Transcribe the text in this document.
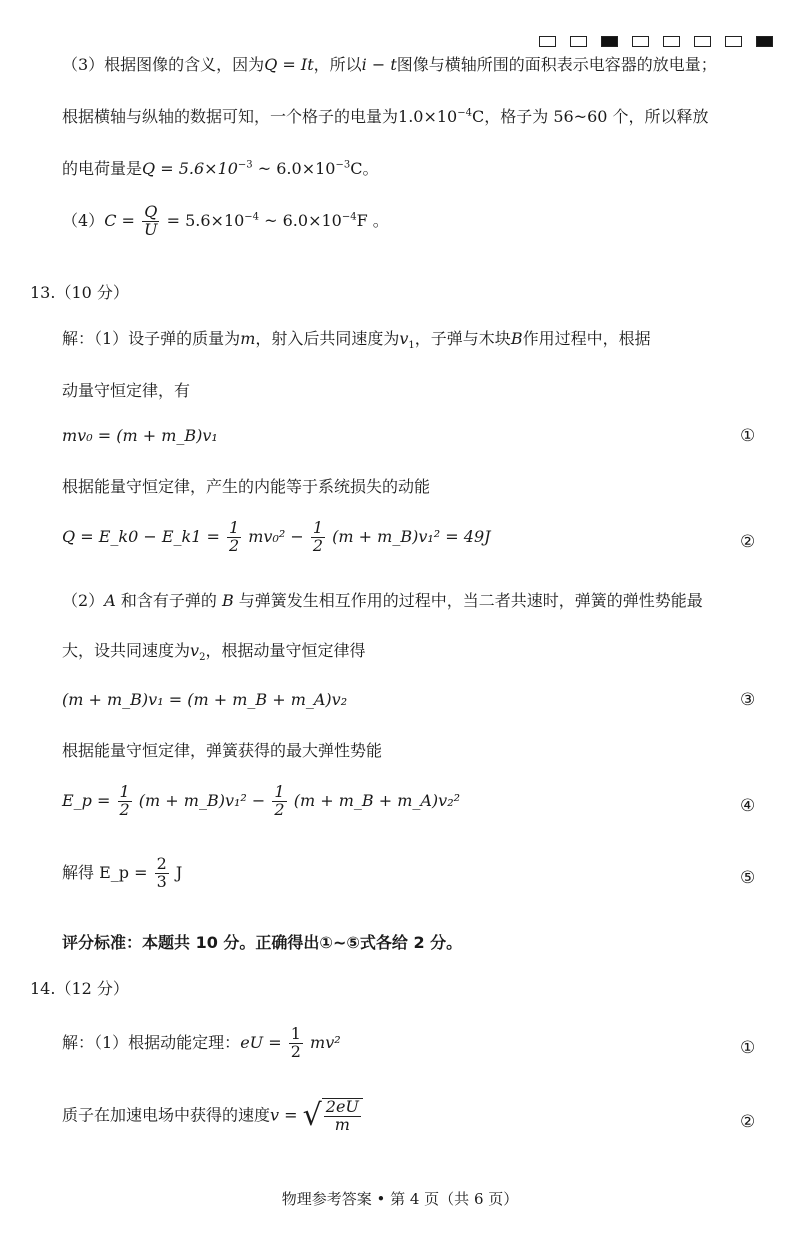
（3）根据图像的含义，因为Q = It，所以i − t图像与横轴所围的面积表示电容器的放电量；
根据横轴与纵轴的数据可知，一个格子的电量为$1.0\times 10^{-4}C$，格子为 56~60 个，所以释放
的电荷量是$Q = 5.6\times 10^{-3}$ ~ $6.0\times 10^{-3}C$。
$(4)C = \frac{Q}{U} = 5.6\times 10^{-4}$ ~ $6.0\times 10^{-4}F$ 。
13.（10 分）
解：（1）设子弹的质量为m，射入后共同速度为$v_1$，子弹与木块B作用过程中，根据
动量守恒定律，有
mv₀ = (m + m_B)v₁	①
根据能量守恒定律，产生的内能等于系统损失的动能
Q = E_k0 − E_k1 = $\frac{1}{2} mv_0^2 - \frac{1}{2} (m$ + m_B)v₁² = 49J	②
（2）A 和含有子弹的 B 与弹簧发生相互作用的过程中，当二者共速时，弹簧的弹性势能最
大，设共同速度为$v_2$，根据动量守恒定律得
(m + m_B)v₁ = (m + m_B + m_A)v₂	③
根据能量守恒定律，弹簧获得的最大弹性势能
E_p = $\frac{1}{2} (m$ + m_B)v₁² − $\frac{1}{2} (m$ + m_B + m_A)v₂²	④
解得 E_p = $\frac{2}{3}$ J	⑤
评分标准：本题共 10 分。正确得出①~⑤式各给 2 分。
14.（12 分）
解：（1）根据动能定理：eU = $\frac{1}{2} mv^2$	①
质子在加速电场中获得的速度v = √ $\frac{2eU}{m}$	②
物理参考答案 • 第 4 页（共 6 页）
